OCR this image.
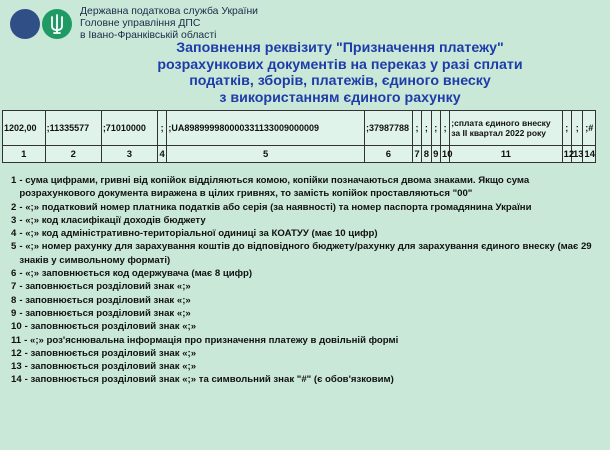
Державна податкова служба України
Головне управління ДПС
в Івано-Франківській області
Заповнення реквізиту "Призначення платежу"
розрахункових документів на переказ у разі сплати
податків, зборів, платежів, єдиного внеску
з використанням єдиного рахунку
1202,00	;11335577	;71010000	;	;UA898999980000331133009000009	;37987788	;	;	;	;	;сплата єдиного внеску за II квартал 2022 року	;	;	;#
1	2	3	4	5	6	7	8	9	10	11	12	13	14
1 - сума цифрами, гривні від копійок відділяються комою, копійки позначаються двома знаками. Якщо сума розрахункового документа виражена в цілих гривнях, то замість копійок проставляються "00"
2 - «;» податковий номер платника податків або серія (за наявності) та номер паспорта громадянина України
3 - «;» код класифікації доходів бюджету
4 - «;» код адміністративно-територіальної одиниці за КОАТУУ (має 10 цифр)
5 - «;» номер рахунку для зарахування коштів до відповідного бюджету/рахунку для зарахування єдиного внеску (має 29 знаків у символьному форматі)
6 - «;» заповнюється код одержувача (має 8 цифр)
7 - заповнюється розділовий знак «;»
8 - заповнюється розділовий знак «;»
9 - заповнюється розділовий знак «;»
10 - заповнюється розділовий знак «;»
11 - «;» роз'яснювальна інформація про призначення платежу в довільній формі
12 - заповнюється розділовий знак «;»
13 - заповнюється розділовий знак «;»
14 - заповнюється розділовий знак «;» та символьний знак "#" (є обов'язковим)
